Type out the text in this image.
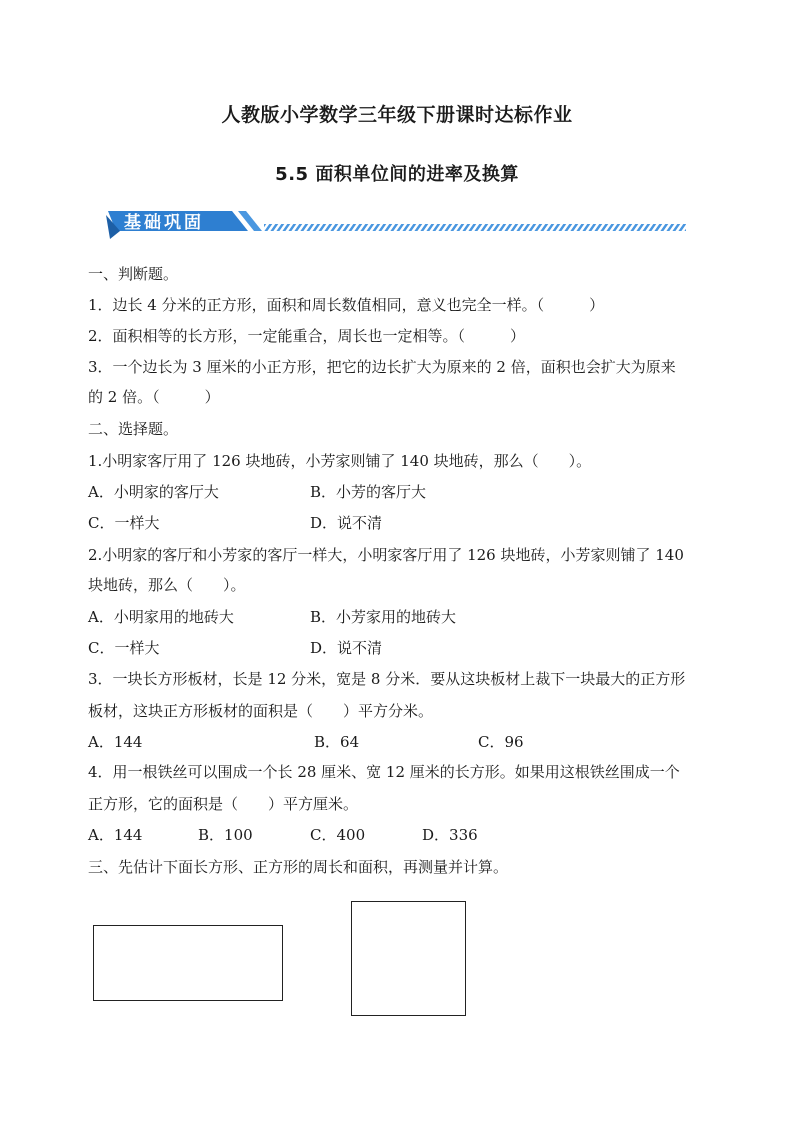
人教版小学数学三年级下册课时达标作业
5.5 面积单位间的进率及换算
基础巩固
一、判断题。
1．边长 4 分米的正方形，面积和周长数值相同，意义也完全一样。（　　　）
2．面积相等的长方形，一定能重合，周长也一定相等。（　　　）
3．一个边长为 3 厘米的小正方形，把它的边长扩大为原来的 2 倍，面积也会扩大为原来
的 2 倍。（　　　）
二、选择题。
1.小明家客厅用了 126 块地砖，小芳家则铺了 140 块地砖，那么（　　）。
A．小明家的客厅大	B．小芳的客厅大
C．一样大	D．说不清
2.小明家的客厅和小芳家的客厅一样大，小明家客厅用了 126 块地砖，小芳家则铺了 140
块地砖，那么（　　）。
A．小明家用的地砖大	B．小芳家用的地砖大
C．一样大	D．说不清
3．一块长方形板材，长是 12 分米，宽是 8 分米．要从这块板材上裁下一块最大的正方形
板材，这块正方形板材的面积是（　　）平方分米。
A．144	B．64	C．96
4．用一根铁丝可以围成一个长 28 厘米、宽 12 厘米的长方形。如果用这根铁丝围成一个
正方形，它的面积是（　　）平方厘米。
A．144	B．100	C．400	D．336
三、先估计下面长方形、正方形的周长和面积，再测量并计算。
